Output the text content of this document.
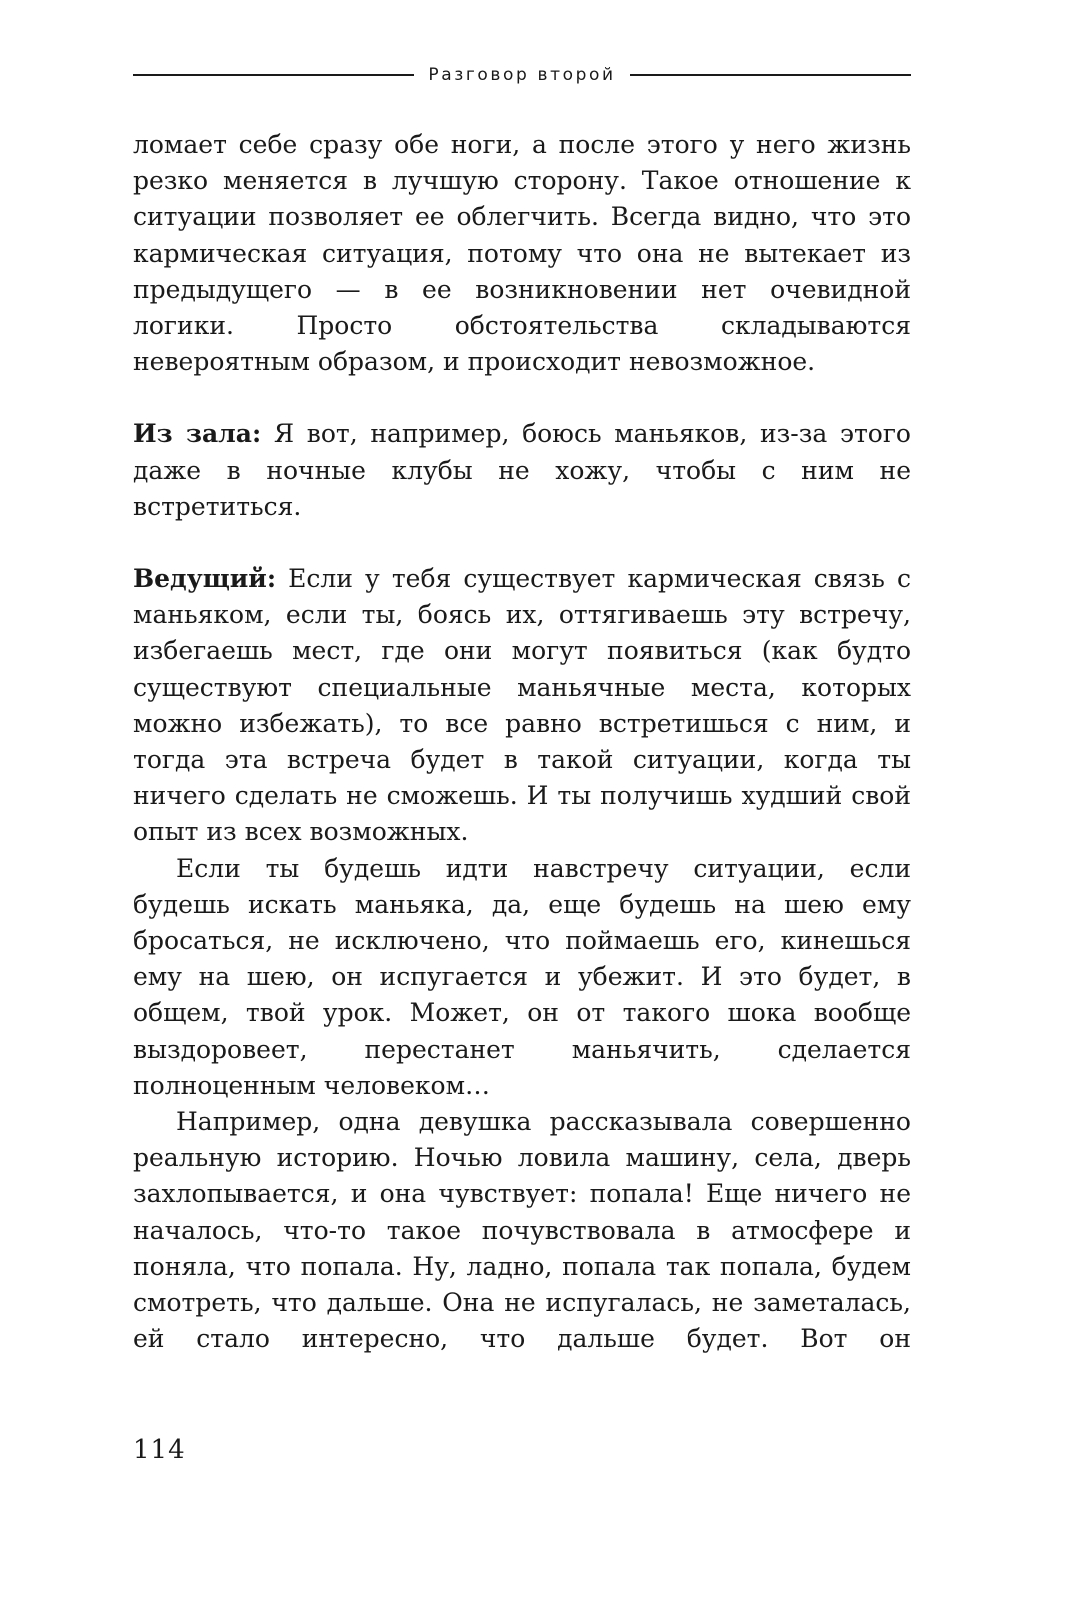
Разговор второй

ломает себе сразу обе ноги, а после этого у него жизнь резко меняется в лучшую сторону. Такое отношение к ситуации позволяет ее облегчить. Всегда видно, что это кармическая ситуация, потому что она не вытекает из предыдущего — в ее возникновении нет очевидной логики. Просто обстоятельства складываются невероятным образом, и происходит невозможное.

Из зала: Я вот, например, боюсь маньяков, из-за этого даже в ночные клубы не хожу, чтобы с ним не встретиться.

Ведущий: Если у тебя существует кармическая связь с маньяком, если ты, боясь их, оттягиваешь эту встречу, избегаешь мест, где они могут появиться (как будто существуют специальные маньячные места, которых можно избежать), то все равно встретишься с ним, и тогда эта встреча будет в такой ситуации, когда ты ничего сделать не сможешь. И ты получишь худший свой опыт из всех возможных.

Если ты будешь идти навстречу ситуации, если будешь искать маньяка, да, еще будешь на шею ему бросаться, не исключено, что поймаешь его, кинешься ему на шею, он испугается и убежит. И это будет, в общем, твой урок. Может, он от такого шока вообще выздоровеет, перестанет маньячить, сделается полноценным человеком…

Например, одна девушка рассказывала совершенно реальную историю. Ночью ловила машину, села, дверь захлопывается, и она чувствует: попала! Еще ничего не началось, что-то такое почувствовала в атмосфере и поняла, что попала. Ну, ладно, попала так попала, будем смотреть, что дальше. Она не испугалась, не заметалась, ей стало интересно, что дальше будет. Вот он

114
